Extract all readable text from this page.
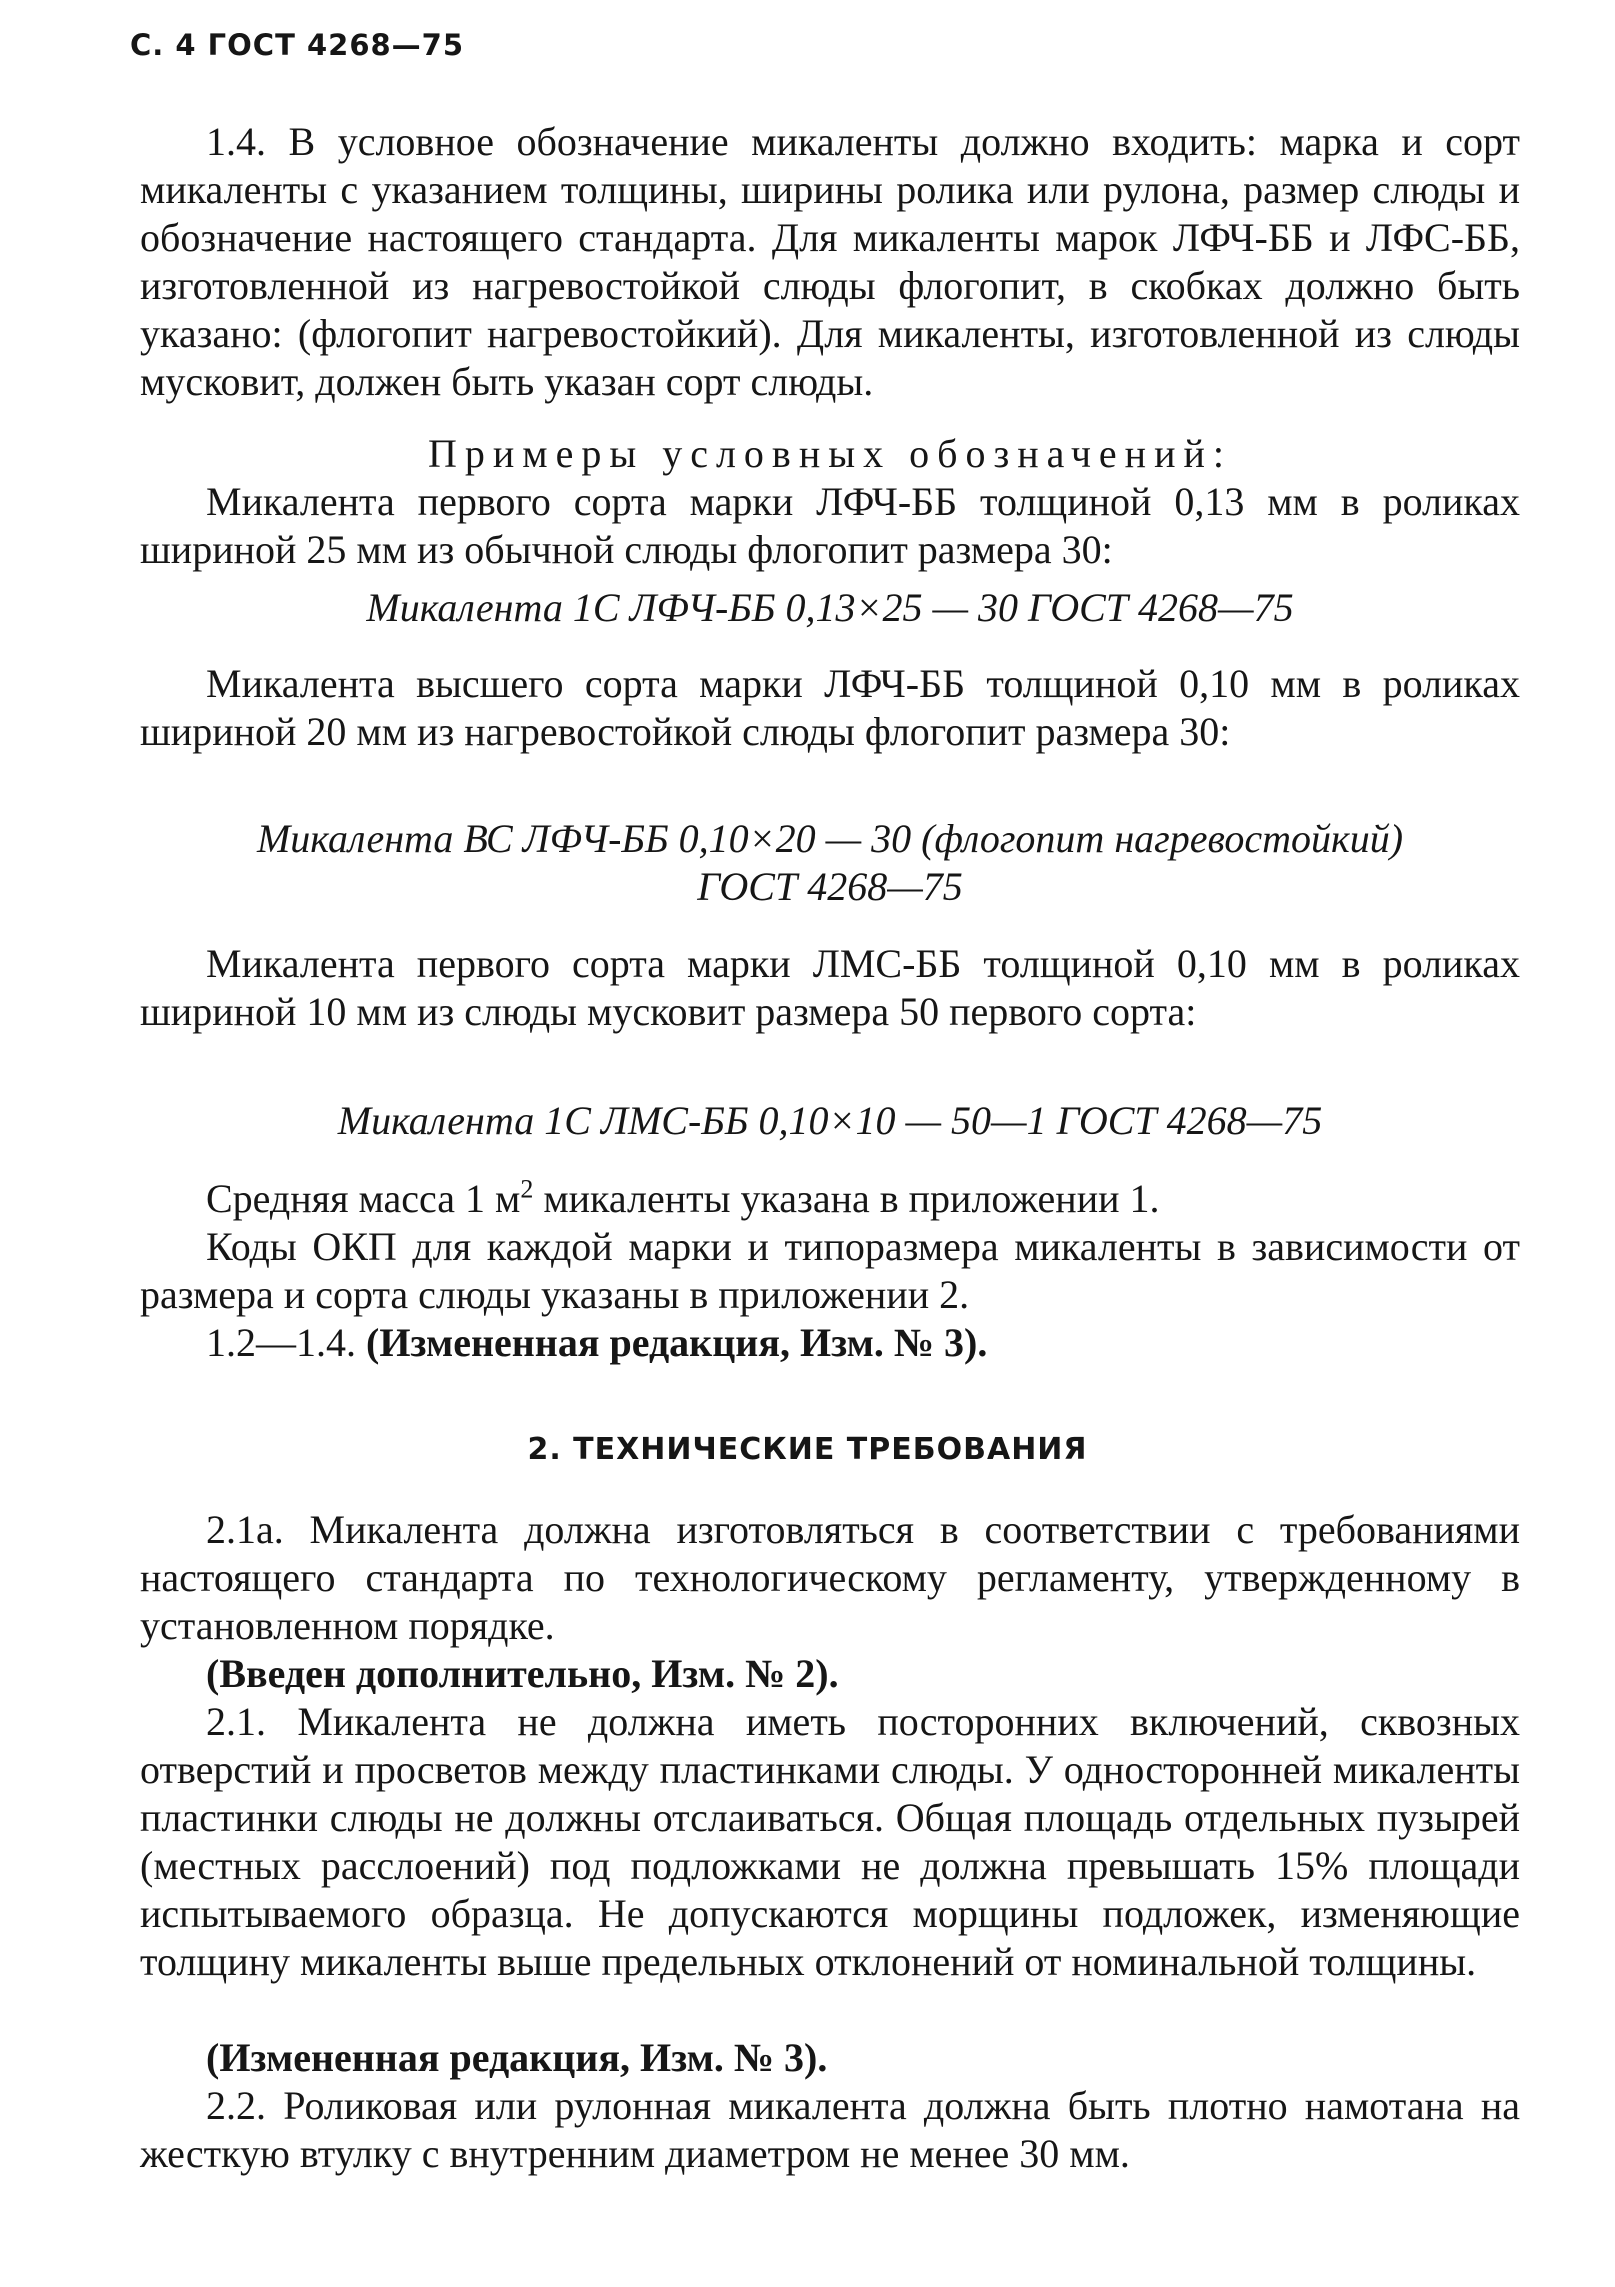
С. 4 ГОСТ 4268—75

1.4. В условное обозначение микаленты должно входить: марка и сорт микаленты с указанием толщины, ширины ролика или рулона, размер слюды и обозначение настоящего стандарта. Для микаленты марок ЛФЧ-ББ и ЛФС-ББ, изготовленной из нагревостойкой слюды флогопит, в скобках должно быть указано: (флогопит нагревостойкий). Для микаленты, изготовленной из слюды мусковит, должен быть указан сорт слюды.

Примеры условных обозначений:

Микалента первого сорта марки ЛФЧ-ББ толщиной 0,13 мм в роликах шириной 25 мм из обычной слюды флогопит размера 30:

Микалента 1С ЛФЧ-ББ 0,13×25 — 30 ГОСТ 4268—75

Микалента высшего сорта марки ЛФЧ-ББ толщиной 0,10 мм в роликах шириной 20 мм из нагревостойкой слюды флогопит размера 30:

Микалента ВС ЛФЧ-ББ 0,10×20 — 30 (флогопит нагревостойкий)

ГОСТ 4268—75

Микалента первого сорта марки ЛМС-ББ толщиной 0,10 мм в роликах шириной 10 мм из слюды мусковит размера 50 первого сорта:

Микалента 1С ЛМС-ББ 0,10×10 — 50—1 ГОСТ 4268—75

Средняя масса 1 $м^2$ микаленты указана в приложении 1.

Коды ОКП для каждой марки и типоразмера микаленты в зависимости от размера и сорта слюды указаны в приложении 2.

1.2—1.4. (Измененная редакция, Изм. № 3).

2. ТЕХНИЧЕСКИЕ ТРЕБОВАНИЯ

2.1а. Микалента должна изготовляться в соответствии с требованиями настоящего стандарта по технологическому регламенту, утвержденному в установленном порядке.

(Введен дополнительно, Изм. № 2).

2.1. Микалента не должна иметь посторонних включений, сквозных отверстий и просветов между пластинками слюды. У односторонней микаленты пластинки слюды не должны отслаиваться. Общая площадь отдельных пузырей (местных расслоений) под подложками не должна превышать 15% площади испытываемого образца. Не допускаются морщины подложек, изменяющие толщину микаленты выше предельных отклонений от номинальной толщины.

(Измененная редакция, Изм. № 3).

2.2. Роликовая или рулонная микалента должна быть плотно намотана на жесткую втулку с внутренним диаметром не менее 30 мм.
